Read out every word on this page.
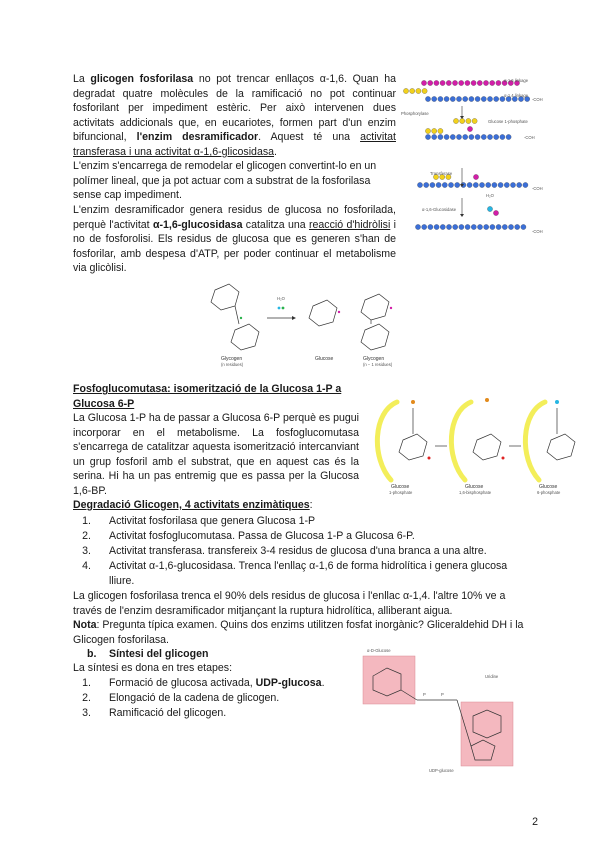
La glicogen fosforilasa no pot trencar enllaços α-1,6. Quan ha degradat quatre molècules de la ramificació no pot continuar fosforilant per impediment estèric. Per això intervenen dues activitats addicionals que, en eucariotes, formen part d'un enzim bifuncional, l'enzim desramificador. Aquest té una activitat transferasa i una activitat α-1,6-glicosidasa.
L'enzim s'encarrega de remodelar el glicogen convertint-lo en un polímer lineal, que ja pot actuar com a substrat de la fosforilasa sense cap impediment.
L'enzim desramificador genera residus de glucosa no fosforilada, perquè l'activitat α-1,6-glucosidasa catalitza una reacció d'hidròlisi i no de fosforolisi. Els residus de glucosa que es generen s'han de fosforilar, amb despesa d'ATP, per poder continuar el metabolisme via glicòlisi.
α-1,6 linkage
α-1,4 linkage
Phosphorylase
Glucose 1-phosphate
Transferase
α-1,6-Glucosidase
H₂O
-COH
-COH
-COH
-COH
H₂O
Glycogen
(n residues)
Glucose	Glycogen
(n − 1 residues)
Fosfoglucomutasa: isomerització de la Glucosa 1-P a Glucosa 6-P
La Glucosa 1-P ha de passar a Glucosa 6-P perquè es pugui incorporar en el metabolisme. La fosfoglucomutasa s'encarrega de catalitzar aquesta isomerització intercanviant un grup fosforil amb el substrat, que en aquest cas és la serina. Hi ha un pas entremig que es passa per la Glucosa 1,6-BP.	Glucose
1-phosphate
Glucose
1,6-bisphosphate
Glucose
6-phosphate
Degradació Glicogen, 4 activitats enzimàtiques:
1. Activitat fosforilasa que genera Glucosa 1-P
2. Activitat fosfoglucomutasa. Passa de Glucosa 1-P a Glucosa 6-P.
3. Activitat transferasa. transfereix 3-4 residus de glucosa d'una branca a una altre.
4. Activitat α-1,6-glucosidasa. Trenca l'enllaç α-1,6 de forma hidrolítica i genera glucosa lliure.
La glicogen fosforilasa trenca el 90% dels residus de glucosa i l'enllac α-1,4. l'altre 10% ve a través de l'enzim desramificador mitjançant la ruptura hidrolítica, alliberant aigua.
Nota: Pregunta típica examen. Quins dos enzims utilitzen fosfat inorgànic? Gliceraldehid DH i la Glicogen fosforilasa.
b. Síntesi del glicogen
La síntesi es dona en tres etapes:
1. Formació de glucosa activada, UDP-glucosa.
2. Elongació de la cadena de glicogen.
3. Ramificació del glicogen.
P	P
α-D-Glucose
Uridine
UDP-glucose
2
